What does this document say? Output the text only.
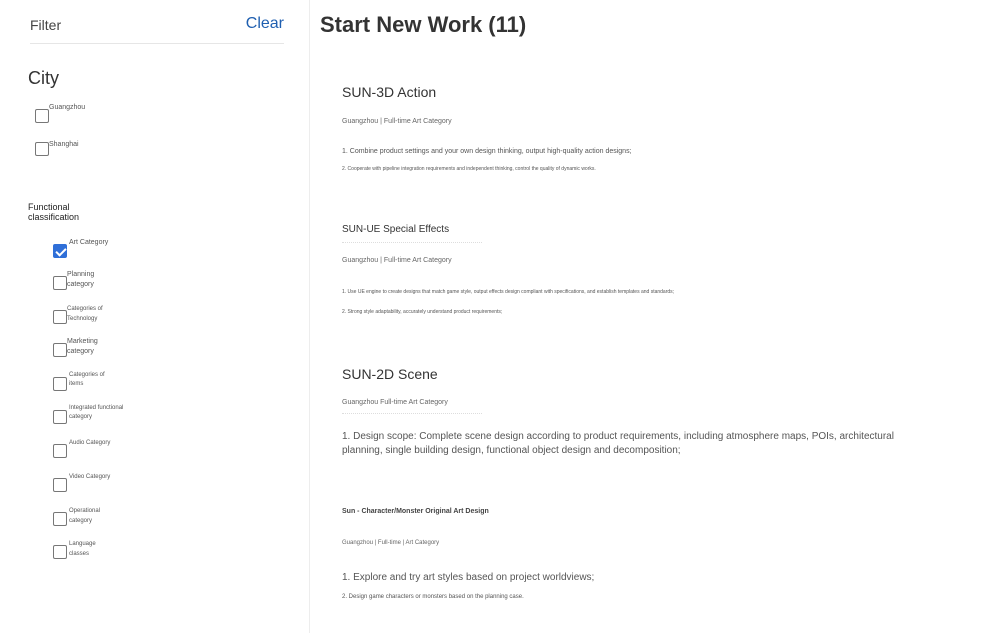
Filter	Clear
City
Guangzhou
Shanghai
Functional classification
Art Category
Planning category
Categories of Technology
Marketing category
Categories of items
Integrated functional category
Audio Category
Video Category
Operational category
Language classes
Start New Work (11)
SUN-3D Action
Guangzhou | Full-time Art Category
1. Combine product settings and your own design thinking, output high-quality action designs;
2. Cooperate with pipeline integration requirements and independent thinking, control the quality of dynamic works.
SUN-UE Special Effects
Guangzhou | Full-time Art Category
1. Use UE engine to create designs that match game style, output effects design compliant with specifications, and establish templates and standards;
2. Strong style adaptability, accurately understand product requirements;
SUN-2D Scene
Guangzhou Full-time Art Category
1. Design scope: Complete scene design according to product requirements, including atmosphere maps, POIs, architectural planning, single building design, functional object design and decomposition;
Sun - Character/Monster Original Art Design
Guangzhou | Full-time | Art Category
1. Explore and try art styles based on project worldviews;
2. Design game characters or monsters based on the planning case.
